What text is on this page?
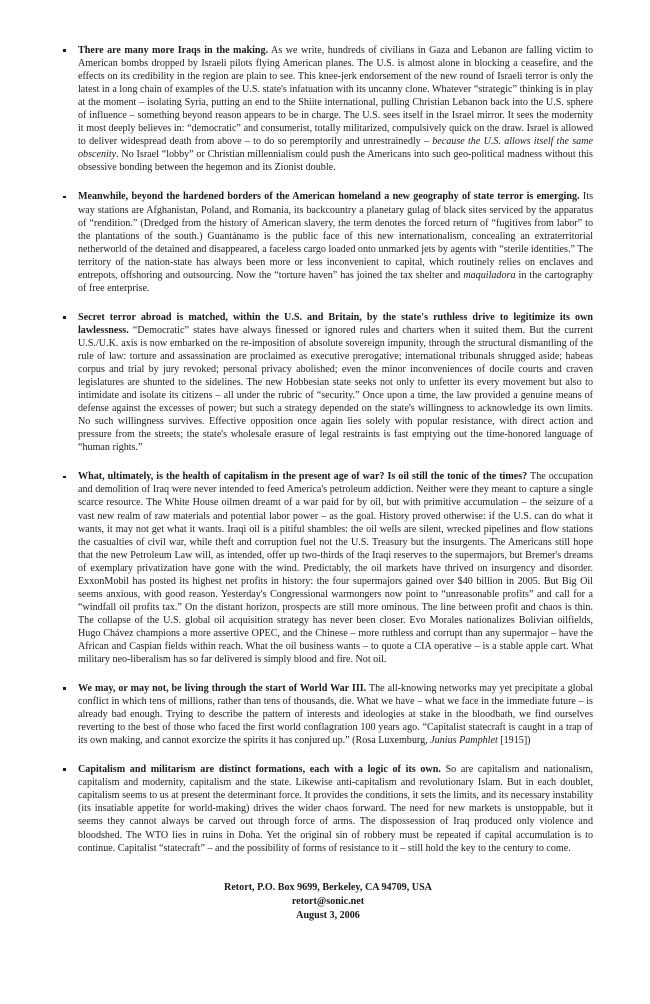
There are many more Iraqs in the making. As we write, hundreds of civilians in Gaza and Lebanon are falling victim to American bombs dropped by Israeli pilots flying American planes. The U.S. is almost alone in blocking a ceasefire, and the effects on its credibility in the region are plain to see. This knee-jerk endorsement of the new round of Israeli terror is only the latest in a long chain of examples of the U.S. state's infatuation with its uncanny clone. Whatever “strategic” thinking is in play at the moment – isolating Syria, putting an end to the Shiite international, pulling Christian Lebanon back into the U.S. sphere of influence – something beyond reason appears to be in charge. The U.S. sees itself in the Israel mirror. It sees the modernity it most deeply believes in: “democratic” and consumerist, totally militarized, compulsively quick on the draw. Israel is allowed to deliver widespread death from above – to do so peremptorily and unrestrainedly – because the U.S. allows itself the same obscenity. No Israel “lobby” or Christian millennialism could push the Americans into such geo-political madness without this obsessive bonding between the hegemon and its Zionist double.
Meanwhile, beyond the hardened borders of the American homeland a new geography of state terror is emerging. Its way stations are Afghanistan, Poland, and Romania, its backcountry a planetary gulag of black sites serviced by the apparatus of “rendition.” (Dredged from the history of American slavery, the term denotes the forced return of “fugitives from labor” to the plantations of the south.) Guantánamo is the public face of this new internationalism, concealing an extraterritorial netherworld of the detained and disappeared, a faceless cargo loaded onto unmarked jets by agents with “sterile identities.” The territory of the nation-state has always been more or less inconvenient to capital, which routinely relies on enclaves and entrepots, offshoring and outsourcing. Now the “torture haven” has joined the tax shelter and maquiladora in the cartography of free enterprise.
Secret terror abroad is matched, within the U.S. and Britain, by the state's ruthless drive to legitimize its own lawlessness. “Democratic” states have always finessed or ignored rules and charters when it suited them. But the current U.S./U.K. axis is now embarked on the re-imposition of absolute sovereign impunity, through the structural dismantling of the rule of law: torture and assassination are proclaimed as executive prerogative; international tribunals shrugged aside; habeas corpus and trial by jury revoked; personal privacy abolished; even the minor inconveniences of docile courts and craven legislatures are shunted to the sidelines. The new Hobbesian state seeks not only to unfetter its every movement but also to intimidate and isolate its citizens – all under the rubric of “security.” Once upon a time, the law provided a genuine means of defense against the excesses of power; but such a strategy depended on the state's willingness to acknowledge its own limits. No such willingness survives. Effective opposition once again lies solely with popular resistance, with direct action and pressure from the streets; the state's wholesale erasure of legal restraints is fast emptying out the time-honored language of “human rights.”
What, ultimately, is the health of capitalism in the present age of war? Is oil still the tonic of the times? The occupation and demolition of Iraq were never intended to feed America's petroleum addiction. Neither were they meant to capture a single scarce resource. The White House oilmen dreamt of a war paid for by oil, but with primitive accumulation – the seizure of a vast new realm of raw materials and potential labor power – as the goal. History proved otherwise: if the U.S. can do what it wants, it may not get what it wants. Iraqi oil is a pitiful shambles: the oil wells are silent, wrecked pipelines and flow stations the casualties of civil war, while theft and corruption fuel not the U.S. Treasury but the insurgents. The Americans still hope that the new Petroleum Law will, as intended, offer up two-thirds of the Iraqi reserves to the supermajors, but Bremer's dreams of exemplary privatization have gone with the wind. Predictably, the oil markets have thrived on insurgency and disorder. ExxonMobil has posted its highest net profits in history: the four supermajors gained over $40 billion in 2005. But Big Oil seems anxious, with good reason. Yesterday's Congressional warmongers now point to “unreasonable profits” and call for a “windfall oil profits tax.” On the distant horizon, prospects are still more ominous. The line between profit and chaos is thin. The collapse of the U.S. global oil acquisition strategy has never been closer. Evo Morales nationalizes Bolivian oilfields, Hugo Chávez champions a more assertive OPEC, and the Chinese – more ruthless and corrupt than any supermajor – have the African and Caspian fields within reach. What the oil business wants – to quote a CIA operative – is a stable apple cart. What military neo-liberalism has so far delivered is simply blood and fire. Not oil.
We may, or may not, be living through the start of World War III. The all-knowing networks may yet precipitate a global conflict in which tens of millions, rather than tens of thousands, die. What we have – what we face in the immediate future – is already bad enough. Trying to describe the pattern of interests and ideologies at stake in the bloodbath, we find ourselves reverting to the best of those who faced the first world conflagration 100 years ago. “Capitalist statecraft is caught in a trap of its own making, and cannot exorcize the spirits it has conjured up.” (Rosa Luxemburg, Junius Pamphlet [1915])
Capitalism and militarism are distinct formations, each with a logic of its own. So are capitalism and nationalism, capitalism and modernity, capitalism and the state. Likewise anti-capitalism and revolutionary Islam. But in each doublet, capitalism seems to us at present the determinant force. It provides the conditions, it sets the limits, and its necessary instability (its insatiable appetite for world-making) drives the wider chaos forward. The need for new markets is unstoppable, but it seems they cannot always be carved out through force of arms. The dispossession of Iraq produced only violence and bloodshed. The WTO lies in ruins in Doha. Yet the original sin of robbery must be repeated if capital accumulation is to continue. Capitalist “statecraft” – and the possibility of forms of resistance to it – still hold the key to the century to come.
Retort, P.O. Box 9699, Berkeley, CA 94709, USA
retort@sonic.net
August 3, 2006
